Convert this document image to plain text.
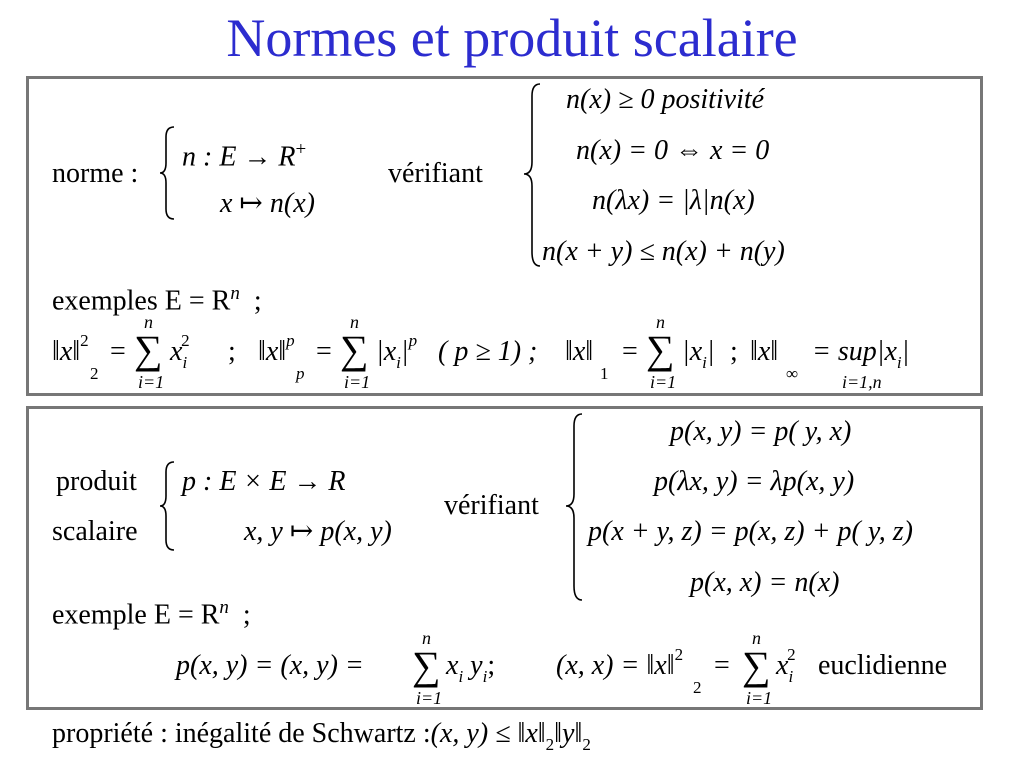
Normes et produit scalaire
norme :
n : E → R+
x ↦ n(x)
vérifiant
n(x) ≥ 0 positivité
n(x) = 0 ⇔ x = 0
n(λx) = |λ|n(x)
n(x + y) ≤ n(x) + n(y)
exemples $E = R^n$ ;
‖x‖$^2$
2
=
n
∑
i=1
$x_i^2$ ; ‖x‖$^p$
p
=
n
∑
i=1
$|x_i|^p$ ( p ≥ 1) ; ‖x‖
1
=
n
∑
i=1
$|x_i|$ ; ‖x‖
∞
= $sup|x_i|$
i=1,n
produit
scalaire
p : E × E → R
x, y ↦ p(x, y)
vérifiant
p(x, y) = p( y, x)
p(λx, y) = λp(x, y)
p(x + y, z) = p(x, z) + p( y, z)
p(x, x) = n(x)
exemple $E = R^n$ ;
p(x, y) = (x, y) =
n
∑
i=1
$x_i$ $y_i$; (x, x) = ‖x‖$^2$
2
=
n
∑
i=1
$x_i^2$ euclidienne
propriété : inégalité de Schwartz :(x, $y) \le ‖x‖_2‖y‖_2$
